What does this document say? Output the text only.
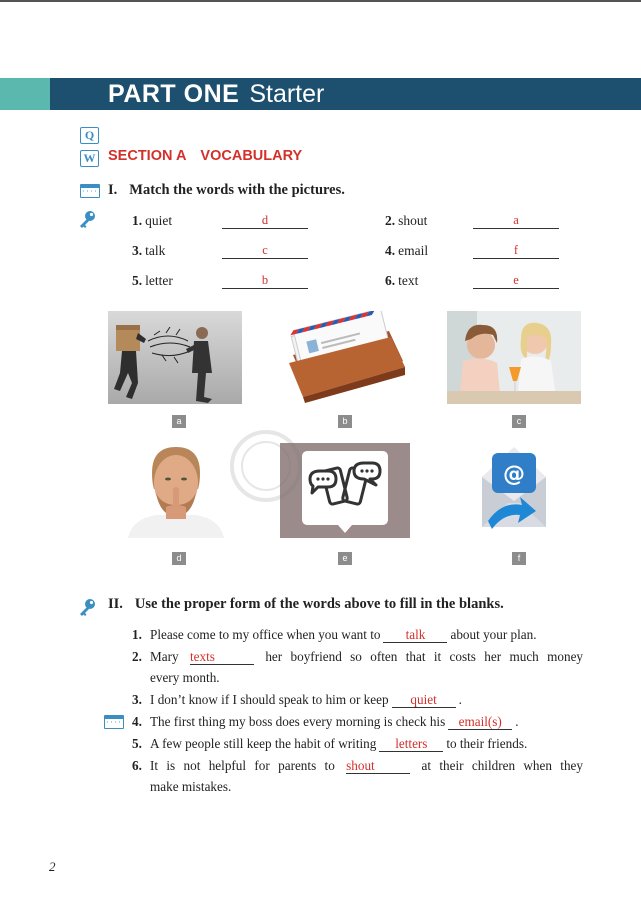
PART ONE Starter
Q
W SECTION A VOCABULARY
· · · ·
I. Match the words with the pictures.
1. quiet	d	2. shout	a
3. talk	c	4. email	f
5. letter	b	6. text	e
a	b	c
d	e
@
f
II. Use the proper form of the words above to fill in the blanks.
1. Please come to my office when you want to talk about your plan.
2. Mary texts	her boyfriend so often that it costs her much money
every month.
3. I don’t know if I should speak to him or keep quiet .
· · · ·
4. The first thing my boss does every morning is check his email(s) .
5. A few people still keep the habit of writing letters to their friends.
6. It is not helpful for parents to shout	at their children when they
make mistakes.
2
